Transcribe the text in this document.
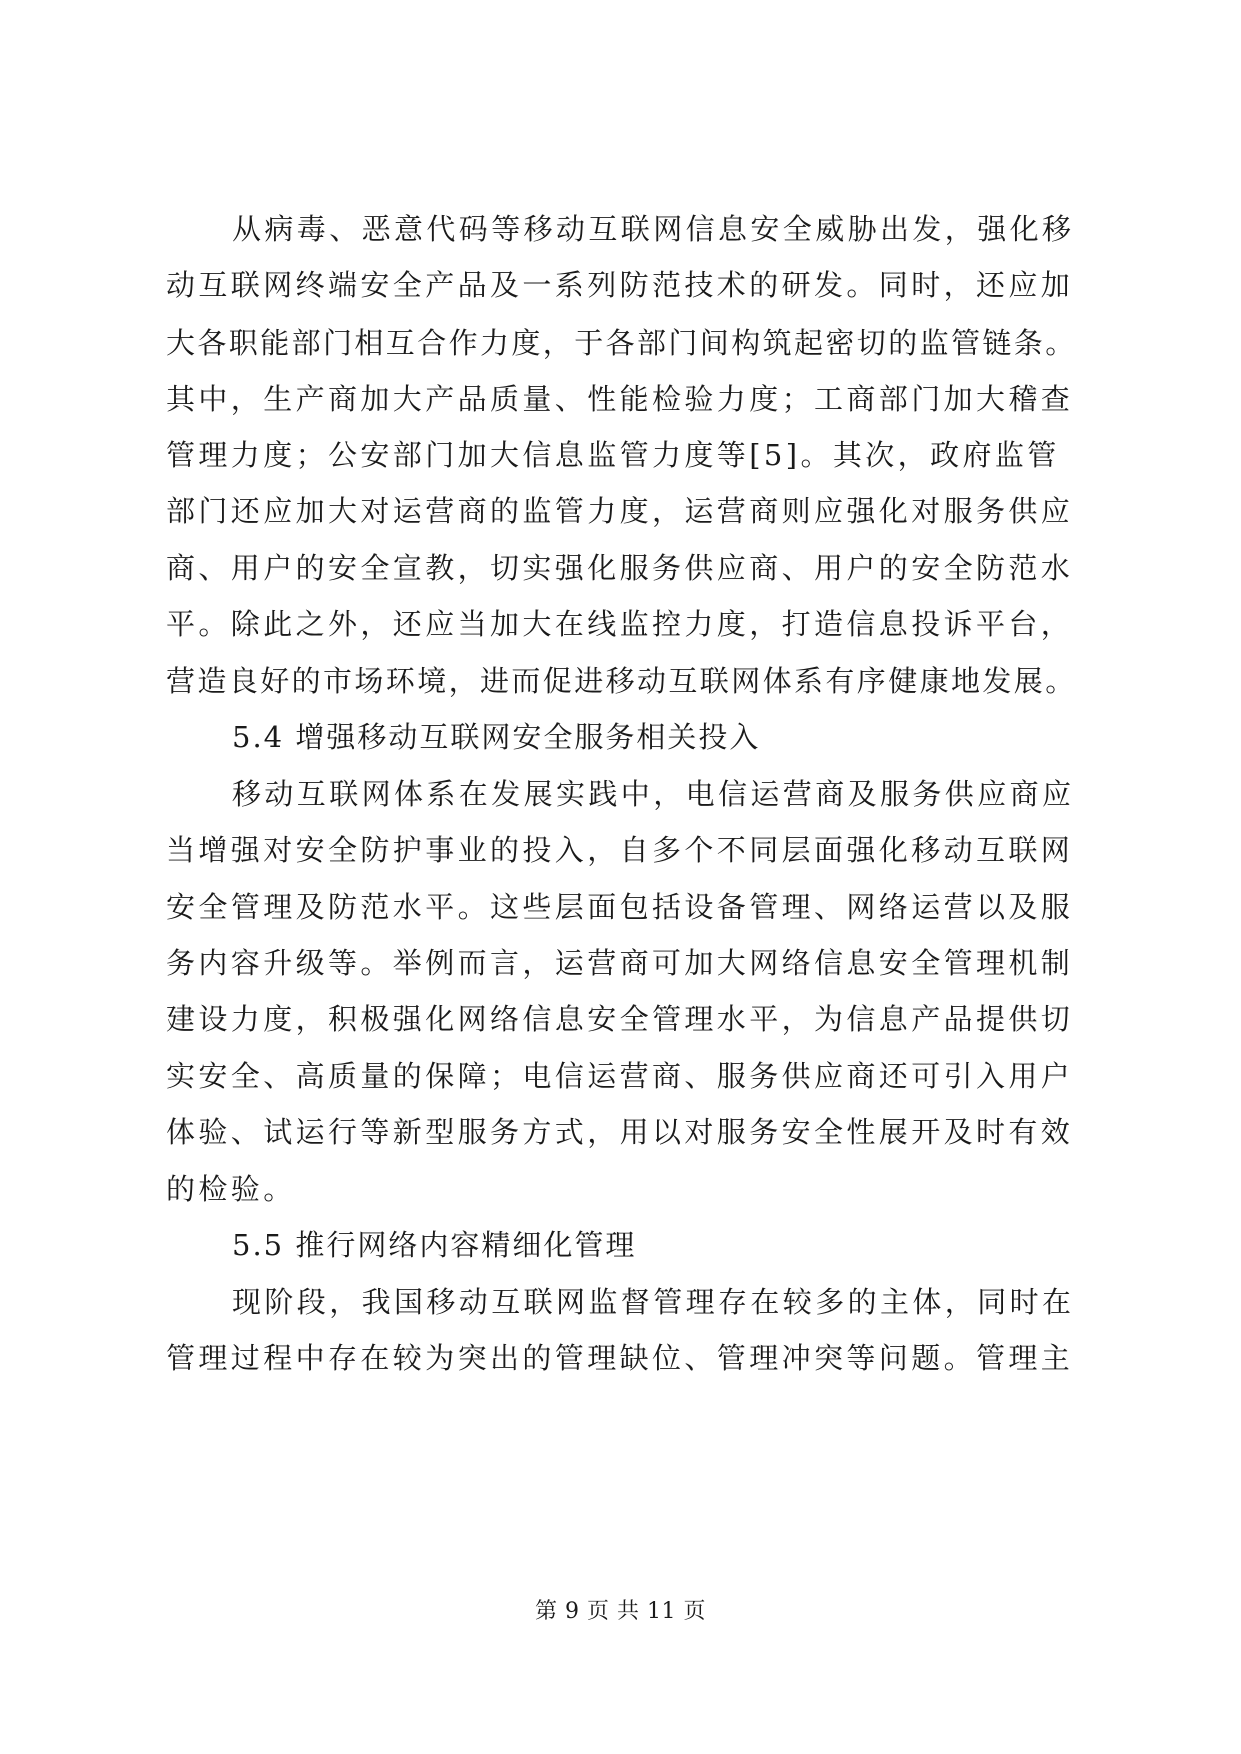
从病毒、恶意代码等移动互联网信息安全威胁出发，强化移
动互联网终端安全产品及一系列防范技术的研发。同时，还应加
大各职能部门相互合作力度，于各部门间构筑起密切的监管链条。
其中，生产商加大产品质量、性能检验力度；工商部门加大稽查
管理力度；公安部门加大信息监管力度等[5]。其次，政府监管
部门还应加大对运营商的监管力度，运营商则应强化对服务供应
商、用户的安全宣教，切实强化服务供应商、用户的安全防范水
平。除此之外，还应当加大在线监控力度，打造信息投诉平台，
营造良好的市场环境，进而促进移动互联网体系有序健康地发展。
5.4 增强移动互联网安全服务相关投入
移动互联网体系在发展实践中，电信运营商及服务供应商应
当增强对安全防护事业的投入，自多个不同层面强化移动互联网
安全管理及防范水平。这些层面包括设备管理、网络运营以及服
务内容升级等。举例而言，运营商可加大网络信息安全管理机制
建设力度，积极强化网络信息安全管理水平，为信息产品提供切
实安全、高质量的保障；电信运营商、服务供应商还可引入用户
体验、试运行等新型服务方式，用以对服务安全性展开及时有效
的检验。
5.5 推行网络内容精细化管理
现阶段，我国移动互联网监督管理存在较多的主体，同时在
管理过程中存在较为突出的管理缺位、管理冲突等问题。管理主
第 9 页 共 11 页
